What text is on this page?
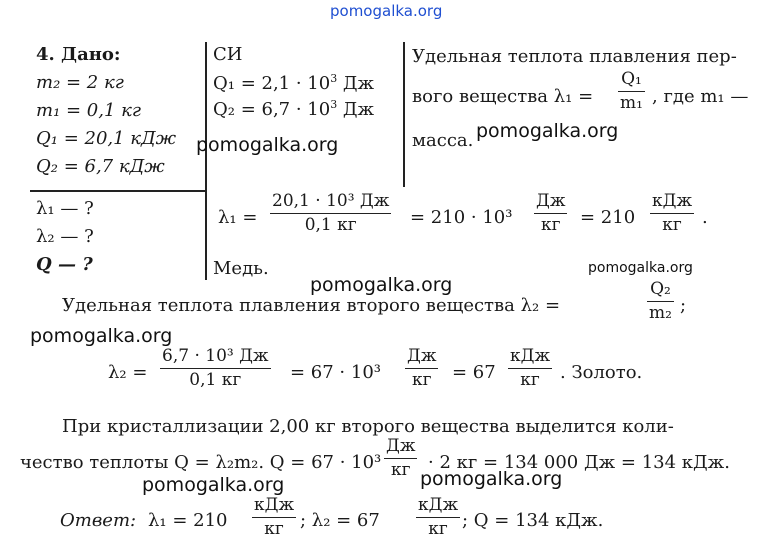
pomogalka.org
4. Дано:
m₂ = 2 кг
m₁ = 0,1 кг
Q₁ = 20,1 кДж
Q₂ = 6,7 кДж
λ₁ — ?
λ₂ — ?
Q — ?
СИ
$Q_1 = 2,1 \cdot 10^3$ Дж
$Q_2 = 6,7 \cdot 10^3$ Дж
Удельная теплота плавления пер-
вого вещества λ₁ =
Q₁
m₁ , где m₁ —
масса.
λ₁ =
20,1 · 10³ Дж
0,1 кг	= 210 · 10³
Дж
кг = 210
кДж
кг .
Медь.
Удельная теплота плавления второго вещества λ₂ =
Q₂
m₂ ;
λ₂ =
6,7 · 10³ Дж
0,1 кг	= 67 · 10³
Дж
кг = 67
кДж
кг . Золото.
При кристаллизации 2,00 кг второго вещества выделится коли-
чество теплоты Q = λ₂m₂. Q = 67 · 10³
Дж
кг · 2 кг = 134 000 Дж = 134 кДж.
Ответ: λ₁ = 210
кДж
кг ; λ₂ = 67
кДж
кг ; Q = 134 кДж.
pomogalka.org
pomogalka.org
pomogalka.org
pomogalka.org
pomogalka.org
pomogalka.org	pomogalka.org
